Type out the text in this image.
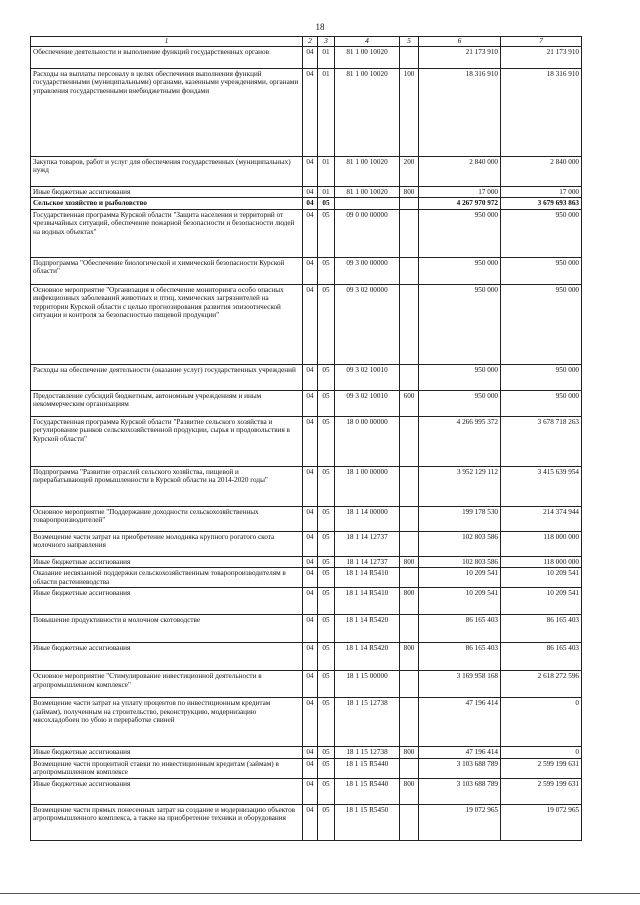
18
1	2	3	4	5	6	7
Обеспечение деятельности и выполнение функций государственных органов	04	01	81 1 00 10020		21 173 910	21 173 910
Расходы на выплаты персоналу в целях обеспечения выполнения функций государственными (муниципальными) органами, казенными учреждениями, органами управления государственными внебюджетными фондами	04	01	81 1 00 10020	100	18 316 910	18 316 910
Закупка товаров, работ и услуг для обеспечения государственных (муниципальных) нужд	04	01	81 1 00 10020	200	2 840 000	2 840 000
Иные бюджетные ассигнования	04	01	81 1 00 10020	800	17 000	17 000
Сельское хозяйство и рыболовство	04	05			4 267 970 972	3 679 693 863
Государственная программа Курской области "Защита населения и территорий от чрезвычайных ситуаций, обеспечение пожарной безопасности и безопасности людей на водных объектах"	04	05	09 0 00 00000		950 000	950 000
Подпрограмма "Обеспечение биологической и химической безопасности Курской области"	04	05	09 3 00 00000		950 000	950 000
Основное мероприятие "Организация и обеспечение мониторинга особо опасных инфекционных заболеваний животных и птиц, химических загрязнителей на территории Курской области с целью прогнозирования развития эпизоотической ситуации и контроля за безопасностью пищевой продукции"	04	05	09 3 02 00000		950 000	950 000
Расходы на обеспечение деятельности (оказание услуг) государственных учреждений	04	05	09 3 02 10010		950 000	950 000
Предоставление субсидий бюджетным, автономным учреждениям и иным некоммерческим организациям	04	05	09 3 02 10010	600	950 000	950 000
Государственная программа Курской области "Развитие сельского хозяйства и регулирование рынков сельскохозяйственной продукции, сырья и продовольствия в Курской области"	04	05	18 0 00 00000		4 266 995 372	3 678 718 263
Подпрограмма "Развитие отраслей сельского хозяйства, пищевой и перерабатывающей промышленности в Курской области на 2014-2020 годы"	04	05	18 1 00 00000		3 952 129 112	3 415 639 954
Основное мероприятие "Поддержание доходности сельскохозяйственных товаропроизводителей"	04	05	18 1 14 00000		199 178 530	214 374 944
Возмещение части затрат на приобретение молодняка крупного рогатого скота молочного направления	04	05	18 1 14 12737		102 803 586	118 000 000
Иные бюджетные ассигнования	04	05	18 1 14 12737	800	102 803 586	118 000 000
Оказание несвязанной поддержки сельскохозяйственным товаропроизводителям в области растениеводства	04	05	18 1 14 R5410		10 209 541	10 209 541
Иные бюджетные ассигнования	04	05	18 1 14 R5410	800	10 209 541	10 209 541
Повышение продуктивности в молочном скотоводстве	04	05	18 1 14 R5420		86 165 403	86 165 403
Иные бюджетные ассигнования	04	05	18 1 14 R5420	800	86 165 403	86 165 403
Основное мероприятие "Стимулирование инвестиционной деятельности в агропромышленном комплексе"	04	05	18 1 15 00000		3 169 958 168	2 618 272 596
Возмещение части затрат на уплату процентов по инвестиционным кредитам (займам), полученным на строительство, реконструкцию, модернизацию мясохладобоен по убою и переработке свиней	04	05	18 1 15 12738		47 196 414	0
Иные бюджетные ассигнования	04	05	18 1 15 12738	800	47 196 414	0
Возмещение части процентной ставки по инвестиционным кредитам (займам) в агропромышленном комплексе	04	05	18 1 15 R5440		3 103 688 789	2 599 199 631
Иные бюджетные ассигнования	04	05	18 1 15 R5440	800	3 103 688 789	2 599 199 631
Возмещение части прямых понесенных затрат на создание и модернизацию объектов агропромышленного комплекса, а также на приобретение техники и оборудования	04	05	18 1 15 R5450		19 072 965	19 072 965
